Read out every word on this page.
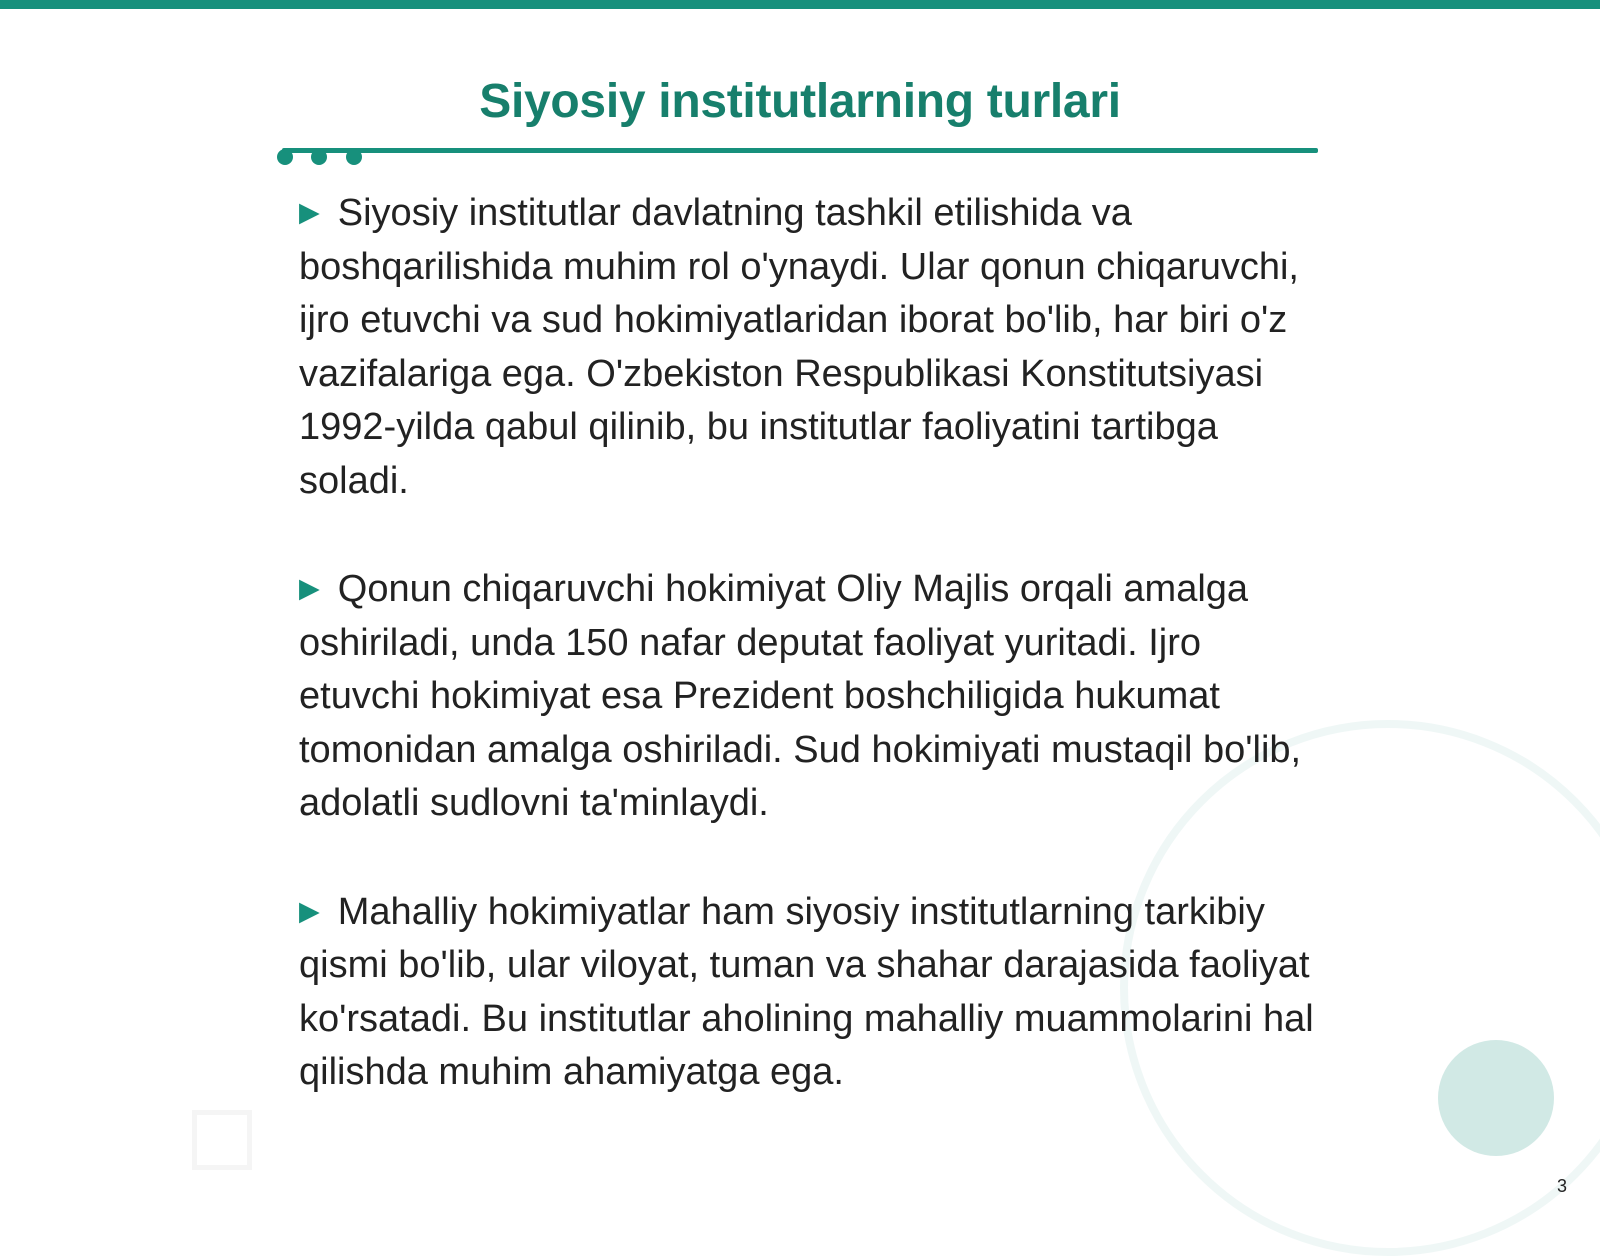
Siyosiy institutlarning turlari

▶ Siyosiy institutlar davlatning tashkil etilishida va boshqarilishida muhim rol o'ynaydi. Ular qonun chiqaruvchi, ijro etuvchi va sud hokimiyatlaridan iborat bo'lib, har biri o'z vazifalariga ega. O'zbekiston Respublikasi Konstitutsiyasi 1992-yilda qabul qilinib, bu institutlar faoliyatini tartibga soladi.

▶ Qonun chiqaruvchi hokimiyat Oliy Majlis orqali amalga oshiriladi, unda 150 nafar deputat faoliyat yuritadi. Ijro etuvchi hokimiyat esa Prezident boshchiligida hukumat tomonidan amalga oshiriladi. Sud hokimiyati mustaqil bo'lib, adolatli sudlovni ta'minlaydi.

▶ Mahalliy hokimiyatlar ham siyosiy institutlarning tarkibiy qismi bo'lib, ular viloyat, tuman va shahar darajasida faoliyat ko'rsatadi. Bu institutlar aholining mahalliy muammolarini hal qilishda muhim ahamiyatga ega.

3
